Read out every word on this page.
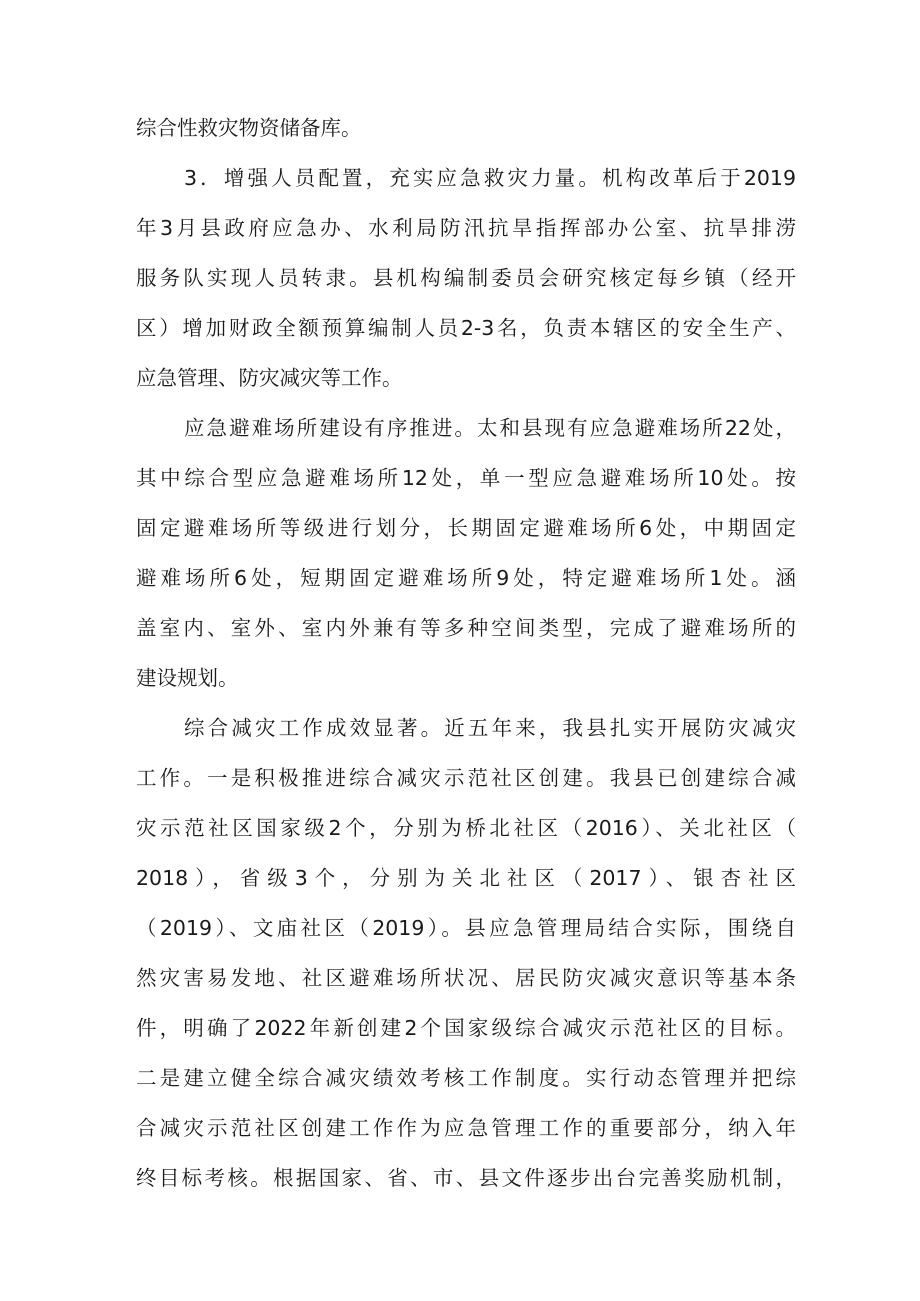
综合性救灾物资储备库。
3．增强人员配置，充实应急救灾力量。机构改革后于2019
年3月县政府应急办、水利局防汛抗旱指挥部办公室、抗旱排涝
服务队实现人员转隶。县机构编制委员会研究核定每乡镇（经开
区）增加财政全额预算编制人员2-3名，负责本辖区的安全生产、
应急管理、防灾减灾等工作。
应急避难场所建设有序推进。太和县现有应急避难场所22处，
其中综合型应急避难场所12处，单一型应急避难场所10处。按
固定避难场所等级进行划分，长期固定避难场所6处，中期固定
避难场所6处，短期固定避难场所9处，特定避难场所1处。涵
盖室内、室外、室内外兼有等多种空间类型，完成了避难场所的
建设规划。
综合减灾工作成效显著。近五年来，我县扎实开展防灾减灾
工作。一是积极推进综合减灾示范社区创建。我县已创建综合减
灾示范社区国家级2个，分别为桥北社区（2016）、关北社区（
2018），省级3个，分别为关北社区（2017）、银杏社区
（2019）、文庙社区（2019）。县应急管理局结合实际，围绕自
然灾害易发地、社区避难场所状况、居民防灾减灾意识等基本条
件，明确了2022年新创建2个国家级综合减灾示范社区的目标。
二是建立健全综合减灾绩效考核工作制度。实行动态管理并把综
合减灾示范社区创建工作作为应急管理工作的重要部分，纳入年
终目标考核。根据国家、省、市、县文件逐步出台完善奖励机制，
